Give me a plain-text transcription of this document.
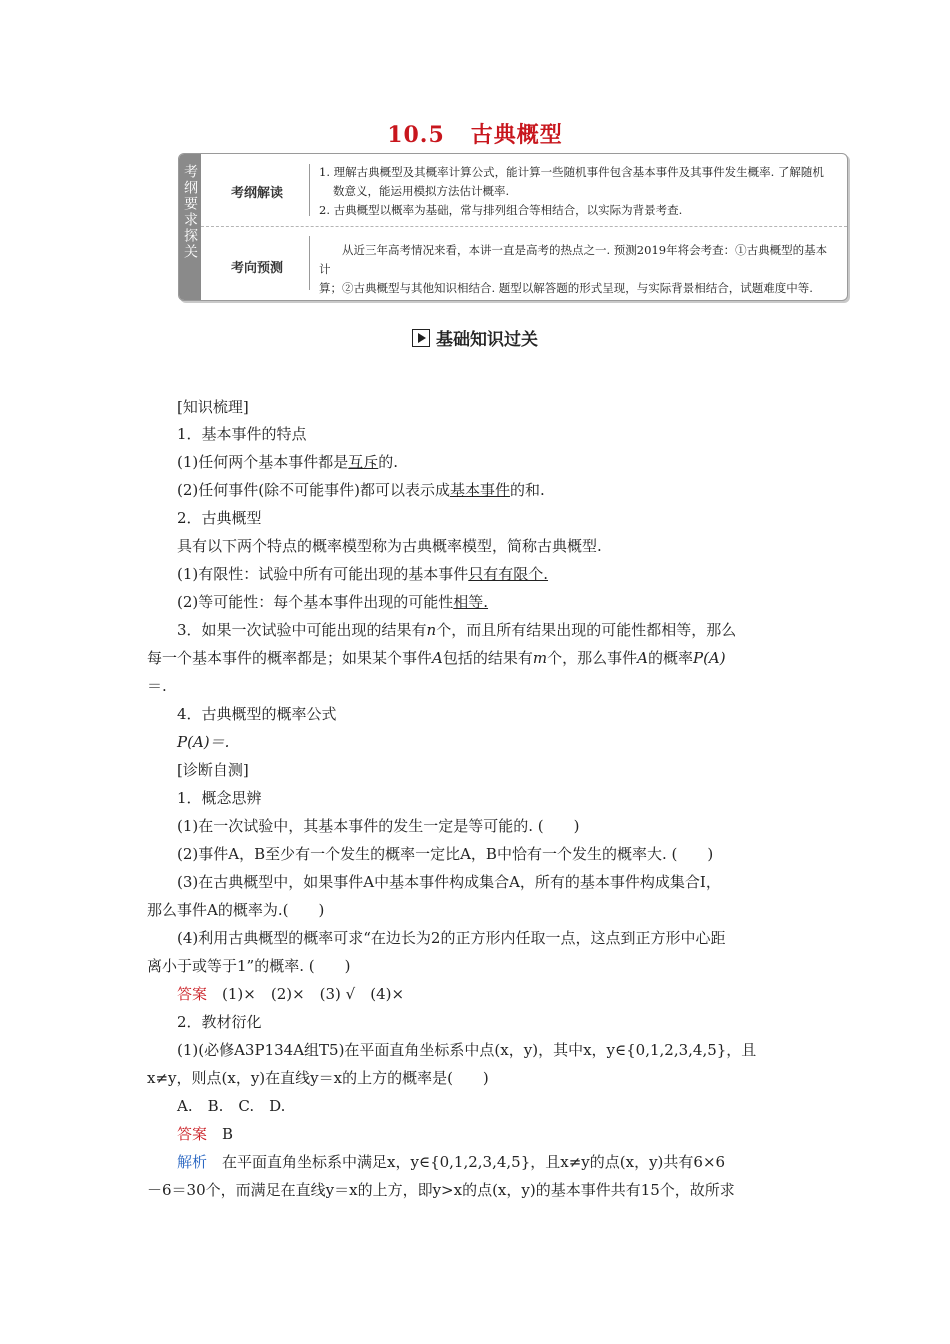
10.5 古典概型
考纲要求探关	考纲解读

1. 理解古典概型及其概率计算公式，能计算一些随机事件包含基本事件及其事件发生概率. 了解随机

数意义，能运用模拟方法估计概率.

2. 古典概型以概率为基础，常与排列组合等相结合，以实际为背景考查.

考向预测

从近三年高考情况来看，本讲一直是高考的热点之一. 预测2019年将会考查：①古典概型的基本计

算；②古典概型与其他知识相结合. 题型以解答题的形式呈现，与实际背景相结合，试题难度中等.

基础知识过关
[知识梳理]
1．基本事件的特点
(1)任何两个基本事件都是互斥的.
(2)任何事件(除不可能事件)都可以表示成基本事件的和.
2．古典概型
具有以下两个特点的概率模型称为古典概率模型，简称古典概型.
(1)有限性：试验中所有可能出现的基本事件只有有限个.
(2)等可能性：每个基本事件出现的可能性相等.
3．如果一次试验中可能出现的结果有n个，而且所有结果出现的可能性都相等，那么
每一个基本事件的概率都是；如果某个事件A包括的结果有m个，那么事件A的概率P(A)
＝.
4．古典概型的概率公式
P(A)＝.
[诊断自测]
1．概念思辨
(1)在一次试验中，其基本事件的发生一定是等可能的. (　　)
(2)事件A，B至少有一个发生的概率一定比A，B中恰有一个发生的概率大. (　　)
(3)在古典概型中，如果事件A中基本事件构成集合A，所有的基本事件构成集合I，
那么事件A的概率为.(　　)
(4)利用古典概型的概率可求“在边长为2的正方形内任取一点，这点到正方形中心距
离小于或等于1”的概率. (　　)
答案　 (1)×　(2)×　(3) √　(4)×
2．教材衍化
(1)(必修A3P134A组T5)在平面直角坐标系中点(x，y)，其中x，y∈{0,1,2,3,4,5}，且
x≠y，则点(x，y)在直线y＝x的上方的概率是(　　)
A.　B.　C.　D.
答案　 B
解析　 在平面直角坐标系中满足x，y∈{0,1,2,3,4,5}，且x≠y的点(x，y)共有6×6
－6＝30个，而满足在直线y＝x的上方，即y>x的点(x，y)的基本事件共有15个，故所求
